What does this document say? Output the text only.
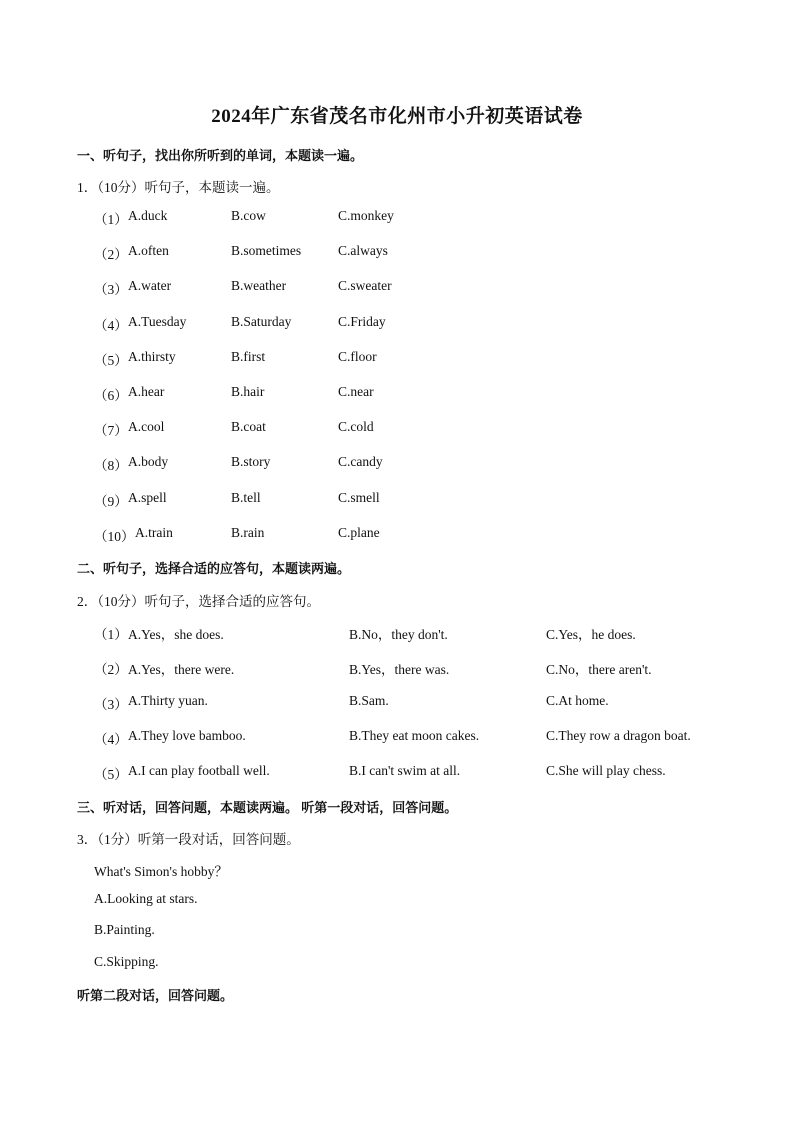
2024年广东省茂名市化州市小升初英语试卷
一、听句子，找出你所听到的单词，本题读一遍。
1．（10分）听句子，本题读一遍。
（1） A.duck	B.cow	C.monkey
（2） A.often	B.sometimes	C.always
（3） A.water	B.weather	C.sweater
（4） A.Tuesday	B.Saturday	C.Friday
（5） A.thirsty	B.first	C.floor
（6） A.hear	B.hair	C.near
（7） A.cool	B.coat	C.cold
（8） A.body	B.story	C.candy
（9） A.spell	B.tell	C.smell
（10） A.train	B.rain	C.plane
二、听句子，选择合适的应答句，本题读两遍。
2．（10分）听句子，选择合适的应答句。
（1） A.Yes，she does.	B.No，they don't.	C.Yes，he does.
（2） A.Yes，there were.	B.Yes，there was.	C.No，there aren't.
（3） A.Thirty yuan.	B.Sam.	C.At home.
（4） A.They love bamboo.	B.They eat moon cakes.	C.They row a dragon boat.
（5） A.I can play football well.	B.I can't swim at all.	C.She will play chess.
三、听对话，回答问题，本题读两遍。 听第一段对话，回答问题。
3．（1分）听第一段对话，回答问题。
What's Simon's hobby？
A.Looking at stars.
B.Painting.
C.Skipping.
听第二段对话，回答问题。
